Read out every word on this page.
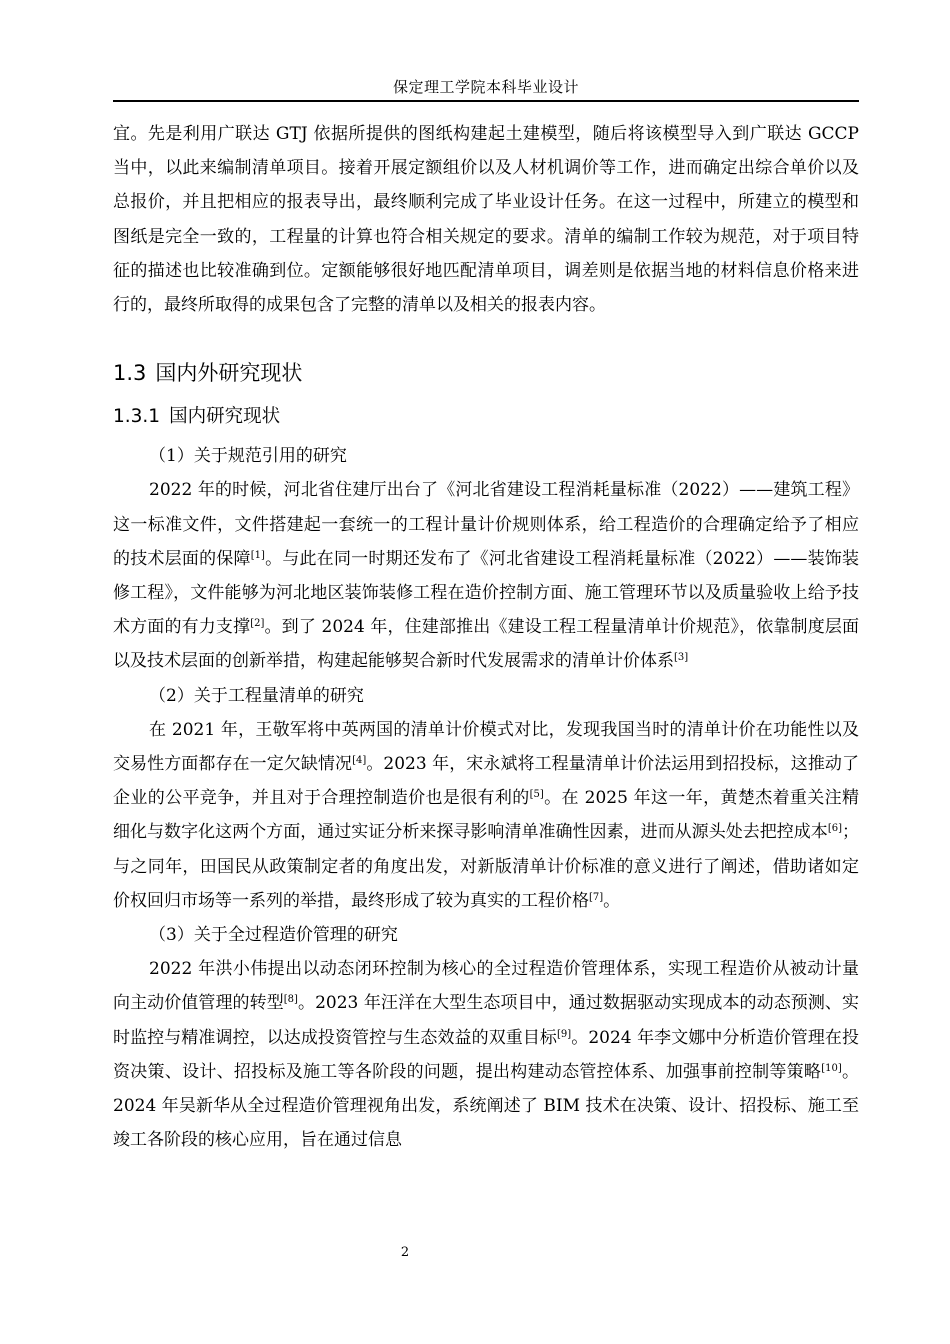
保定理工学院本科毕业设计

宜。先是利用广联达 GTJ 依据所提供的图纸构建起土建模型，随后将该模型导入到广联达 GCCP 当中，以此来编制清单项目。接着开展定额组价以及人材机调价等工作，进而确定出综合单价以及总报价，并且把相应的报表导出，最终顺利完成了毕业设计任务。在这一过程中，所建立的模型和图纸是完全一致的，工程量的计算也符合相关规定的要求。清单的编制工作较为规范，对于项目特征的描述也比较准确到位。定额能够很好地匹配清单项目，调差则是依据当地的材料信息价格来进行的，最终所取得的成果包含了完整的清单以及相关的报表内容。

1.3 国内外研究现状
1.3.1 国内研究现状

（1）关于规范引用的研究

2022 年的时候，河北省住建厅出台了《河北省建设工程消耗量标准（2022）——建筑工程》这一标准文件，文件搭建起一套统一的工程计量计价规则体系，给工程造价的合理确定给予了相应的技术层面的保障[1]。与此在同一时期还发布了《河北省建设工程消耗量标准（2022）——装饰装修工程》，文件能够为河北地区装饰装修工程在造价控制方面、施工管理环节以及质量验收上给予技术方面的有力支撑[2]。到了 2024 年，住建部推出《建设工程工程量清单计价规范》，依靠制度层面以及技术层面的创新举措，构建起能够契合新时代发展需求的清单计价体系[3]

（2）关于工程量清单的研究

在 2021 年，王敬军将中英两国的清单计价模式对比，发现我国当时的清单计价在功能性以及交易性方面都存在一定欠缺情况[4]。2023 年，宋永斌将工程量清单计价法运用到招投标，这推动了企业的公平竞争，并且对于合理控制造价也是很有利的[5]。在 2025 年这一年，黄楚杰着重关注精细化与数字化这两个方面，通过实证分析来探寻影响清单准确性因素，进而从源头处去把控成本[6]；与之同年，田国民从政策制定者的角度出发，对新版清单计价标准的意义进行了阐述，借助诸如定价权回归市场等一系列的举措，最终形成了较为真实的工程价格[7]。

（3）关于全过程造价管理的研究

2022 年洪小伟提出以动态闭环控制为核心的全过程造价管理体系，实现工程造价从被动计量向主动价值管理的转型[8]。2023 年汪洋在大型生态项目中，通过数据驱动实现成本的动态预测、实时监控与精准调控，以达成投资管控与生态效益的双重目标[9]。2024 年李文娜中分析造价管理在投资决策、设计、招投标及施工等各阶段的问题，提出构建动态管控体系、加强事前控制等策略[10]。2024 年吴新华从全过程造价管理视角出发，系统阐述了 BIM 技术在决策、设计、招投标、施工至竣工各阶段的核心应用，旨在通过信息

2
